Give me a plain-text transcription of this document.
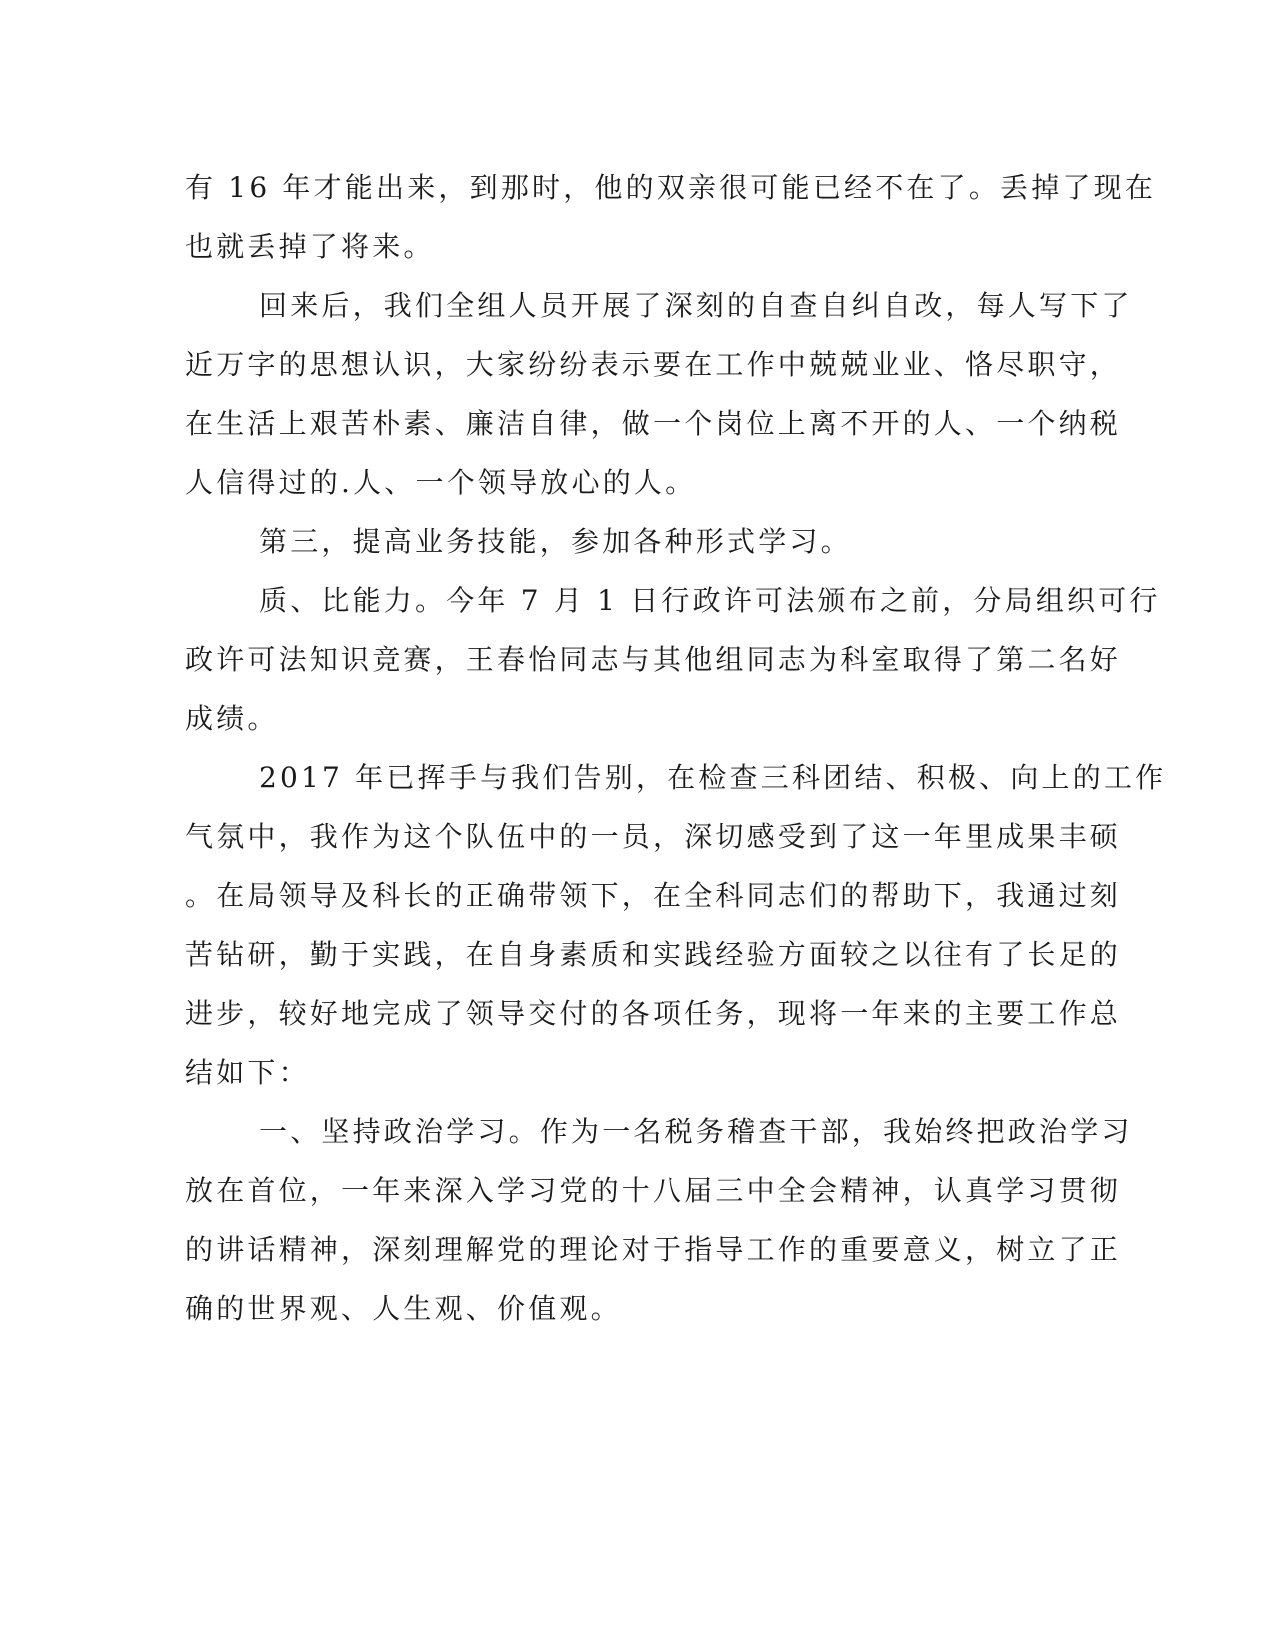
有 16 年才能出来，到那时，他的双亲很可能已经不在了。丢掉了现在
也就丢掉了将来。
回来后，我们全组人员开展了深刻的自查自纠自改，每人写下了
近万字的思想认识，大家纷纷表示要在工作中兢兢业业、恪尽职守，
在生活上艰苦朴素、廉洁自律，做一个岗位上离不开的人、一个纳税
人信得过的.人、一个领导放心的人。
第三，提高业务技能，参加各种形式学习。
质、比能力。今年 7 月 1 日行政许可法颁布之前，分局组织可行
政许可法知识竞赛，王春怡同志与其他组同志为科室取得了第二名好
成绩。
2017 年已挥手与我们告别，在检查三科团结、积极、向上的工作
气氛中，我作为这个队伍中的一员，深切感受到了这一年里成果丰硕
。在局领导及科长的正确带领下，在全科同志们的帮助下，我通过刻
苦钻研，勤于实践，在自身素质和实践经验方面较之以往有了长足的
进步，较好地完成了领导交付的各项任务，现将一年来的主要工作总
结如下：
一、坚持政治学习。作为一名税务稽查干部，我始终把政治学习
放在首位，一年来深入学习党的十八届三中全会精神，认真学习贯彻
的讲话精神，深刻理解党的理论对于指导工作的重要意义，树立了正
确的世界观、人生观、价值观。
